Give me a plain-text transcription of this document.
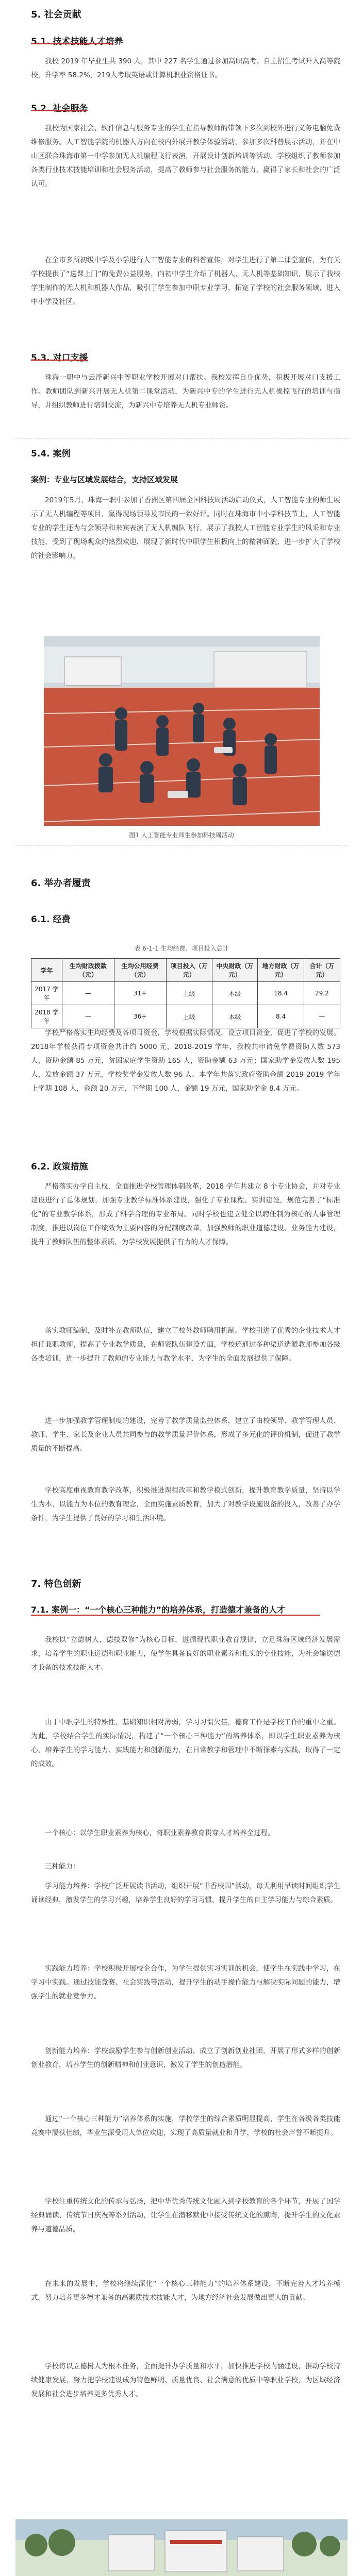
5. 社会贡献
5.1. 技术技能人才培养
我校 2019 年毕业生共 390 人，其中 227 名学生通过参加高职高考、自主招生考试升入高等院校，升学率 58.2%，219人考取英语或计算机职业资格证书。
5.2. 社会服务
我校为国家社会、软件信息与服务专业的学生在指导教师的带领下多次到校外进行义务电脑免费维修服务。人工智能学院的机器人方向在校内外展开教学体验活动，参加多次科普展示活动，并在中山区联合珠海市第一中学参加无人机编程飞行表演，开展设计创新培训等活动。学校组织了教师参加各类行业技术技能培训和社会服务活动，提高了教师参与社会服务的能力，赢得了家长和社会的广泛认可。
在全市多所初级中学及小学进行人工智能专业的科普宣传，对学生进行了第二课堂宣传，为有关学校提供了“送课上门”的免费公益服务，向初中学生介绍了机器人、无人机等基础知识，展示了我校学生制作的无人机和机器人作品，吸引了学生参加中职专业学习，拓宽了学校的社会服务领域，进入中小学及社区。
5.3. 对口支援
珠海一职中与云浮新兴中等职业学校开展对口帮扶。我校发挥自身优势，积极开展对口支援工作。教师团队到新兴开展无人机第二课堂活动，为新兴中专的学生进行无人机操控飞行的培训与指导，并组织教师进行培训交流，为新兴中专培养无人机专业师资。
5.4. 案例
案例：专业与区域发展结合，支持区域发展
2019年5月，珠海一职中参加了香洲区第四届全国科技周活动启动仪式，人工智能专业的师生展示了无人机编程等项目，赢得现场领导及市民的一致好评。同时在珠海市中小学科技节上，人工智能专业的学生还为与会领导和来宾表演了无人机编队飞行，展示了我校人工智能专业学生的风采和专业技能，受到了现场观众的热烈欢迎，展现了新时代中职学生积极向上的精神面貌，进一步扩大了学校的社会影响力。
图1 人工智能专业师生参加科技周活动
6. 举办者履责
6.1. 经费
表 6-1-1 生均经费、项目投入总计
学年	生均财政拨款（元）	生均公用经费（元）	项目投入（万元）	中央财政（万元）	地方财政（万元）	合计（万元）
2017 学年	—	31+	上级	本级	18.4	29.2
2018 学年	—	36+	上级	本级	8.4	—
学校严格落实生均经费及各项目资金，学校根据实际情况，设立项目资金，促进了学校的发展。2018年学校获得专项资金共计约 5000 元，2018-2019 学年，我校共申请免学费资助人数 573 人，资助金额 85 万元，贫困家庭学生资助 165 人，资助金额 63 万元；国家助学金发放人数 195 人，发放金额 37 万元，学校奖学金发放人数 96 人。本学年共落实政府资助金额 2019-2019 学年上学期 108 人，金额 20 万元，下学期 100 人，金额 19 万元，国家助学金 8.4 万元。
6.2. 政策措施
严格落实办学自主权，全面推进学校管理体制改革，2018 学年共建立 8 个专业协会，并对专业建设进行了总体规划，加强专业教学标准体系建设，强化了专业课程、实训建设，规范完善了“标准化”的专业教学体系，形成了科学合理的专业布局。同时学校也建立健全以聘任制为核心的人事管理制度，推进以岗位工作绩效为主要内容的分配制度改革，加强教师的职业道德建设、业务能力建设，提升了教师队伍的整体素质，为学校发展提供了有力的人才保障。
落实教师编制，及时补充教师队伍，建立了校外教师聘用机制。学校引进了优秀的企业技术人才担任兼职教师，提高了专业教学质量，在师资队伍建设方面，学校还通过多种渠道选派教师参加各级各类培训，进一步提升了教师的专业能力与教学水平，为学生的全面发展提供了保障。
进一步加强教学管理制度的建设，完善了教学质量监控体系，建立了由校领导、教学管理人员、教师、学生、家长及企业人员共同参与的教学质量评价体系，形成了多元化的评价机制，促进了教学质量的不断提高。
学校高度重视教育教学改革，积极推进课程改革和教学模式创新，提升教育教学质量，坚持以学生为本，以能力为本位的教育理念，全面实施素质教育，加大了对教学设施设备的投入，改善了办学条件，为学生提供了良好的学习和生活环境。
7. 特色创新
7.1. 案例一：“一个核心三种能力”的培养体系，打造德才兼备的人才
我校以“立德树人，德技双修”为核心目标，遵循现代职业教育规律，立足珠海区域经济发展需求，培养学生的职业道德和职业能力，使学生具备良好的职业素养和扎实的专业技能，为社会输送德才兼备的技术技能人才。
由于中职学生的特殊性，基础知识相对薄弱，学习习惯欠佳，德育工作是学校工作的重中之重。为此，学校结合学生的实际情况，构建了“一个核心三种能力”的培养体系，即以学生职业素养为核心，培养学生的学习能力、实践能力和创新能力，在日常教学和管理中不断探索与实践，取得了一定的成效。
一个核心：以学生职业素养为核心，将职业素养教育贯穿人才培养全过程。
三种能力：
学习能力培养：学校广泛开展读书活动，组织开展“书香校园”活动，每天利用早读时间组织学生诵读经典，激发学生的学习兴趣，培养学生良好的学习习惯，提升学生的自主学习能力与综合素质。
实践能力培养：学校积极开展校企合作，为学生提供实习实训的机会，使学生在实践中学习，在学习中实践。通过技能竞赛、社会实践等活动，提升学生的动手操作能力与解决实际问题的能力，增强学生的就业竞争力。
创新能力培养：学校鼓励学生参与创新创业活动，成立了创新创业社团，开展了形式多样的创新创业教育，培养学生的创新精神和创业意识，激发了学生的创造潜能。
通过“一个核心三种能力”培养体系的实施，学校学生的综合素质明显提高，学生在各级各类技能竞赛中屡获佳绩，毕业生深受用人单位欢迎，实现了高质量就业和升学，学校的社会声誉不断提升。
学校注重传统文化的传承与弘扬，把中华优秀传统文化融入到学校教育的各个环节，开展了国学经典诵读、传统节日庆祝等系列活动，让学生在潜移默化中接受传统文化的熏陶，提升学生的文化素养与道德品质。
在未来的发展中，学校将继续深化“一个核心三种能力”的培养体系建设，不断完善人才培养模式，努力培养更多德才兼备的高素质技术技能人才，为地方经济社会发展做出更大的贡献。
学校将以立德树人为根本任务，全面提升办学质量和水平，加快推进学校内涵建设，推动学校持续健康发展，努力把学校建设成为特色鲜明、质量优良、社会满意的优质中等职业学校，为区域经济发展和社会进步培养更多优秀人才。
